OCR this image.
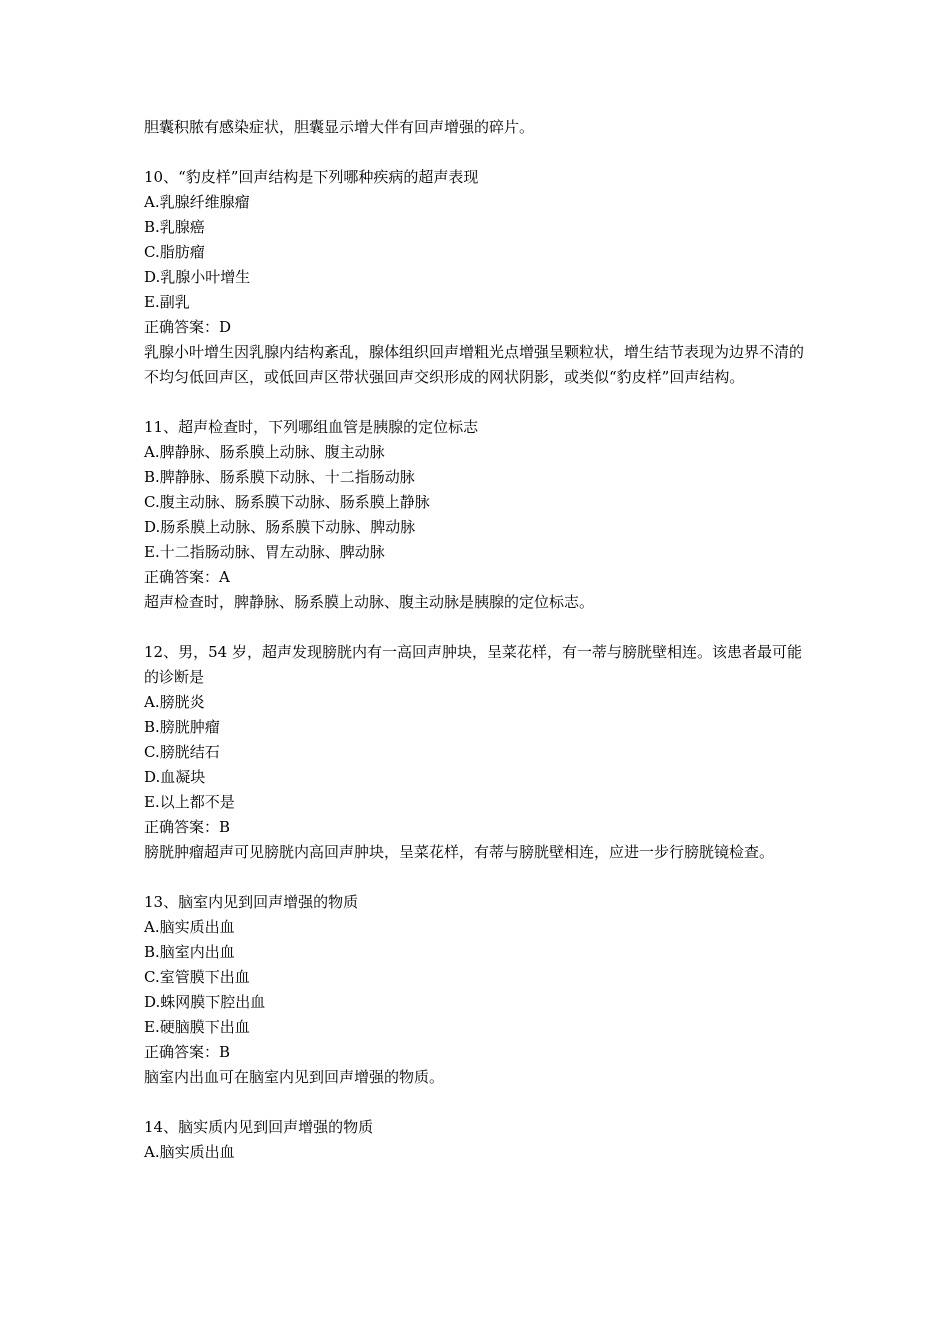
胆囊积脓有感染症状，胆囊显示增大伴有回声增强的碎片。
10、“豹皮样”回声结构是下列哪种疾病的超声表现
A.乳腺纤维腺瘤
B.乳腺癌
C.脂肪瘤
D.乳腺小叶增生
E.副乳
正确答案：D
乳腺小叶增生因乳腺内结构紊乱，腺体组织回声增粗光点增强呈颗粒状，增生结节表现为边界不清的不均匀低回声区，或低回声区带状强回声交织形成的网状阴影，或类似“豹皮样”回声结构。
11、超声检查时，下列哪组血管是胰腺的定位标志
A.脾静脉、肠系膜上动脉、腹主动脉
B.脾静脉、肠系膜下动脉、十二指肠动脉
C.腹主动脉、肠系膜下动脉、肠系膜上静脉
D.肠系膜上动脉、肠系膜下动脉、脾动脉
E.十二指肠动脉、胃左动脉、脾动脉
正确答案：A
超声检查时，脾静脉、肠系膜上动脉、腹主动脉是胰腺的定位标志。
12、男，54 岁，超声发现膀胱内有一高回声肿块，呈菜花样，有一蒂与膀胱壁相连。该患者最可能的诊断是
A.膀胱炎
B.膀胱肿瘤
C.膀胱结石
D.血凝块
E.以上都不是
正确答案：B
膀胱肿瘤超声可见膀胱内高回声肿块，呈菜花样，有蒂与膀胱壁相连，应进一步行膀胱镜检查。
13、脑室内见到回声增强的物质
A.脑实质出血
B.脑室内出血
C.室管膜下出血
D.蛛网膜下腔出血
E.硬脑膜下出血
正确答案：B
脑室内出血可在脑室内见到回声增强的物质。
14、脑实质内见到回声增强的物质
A.脑实质出血
